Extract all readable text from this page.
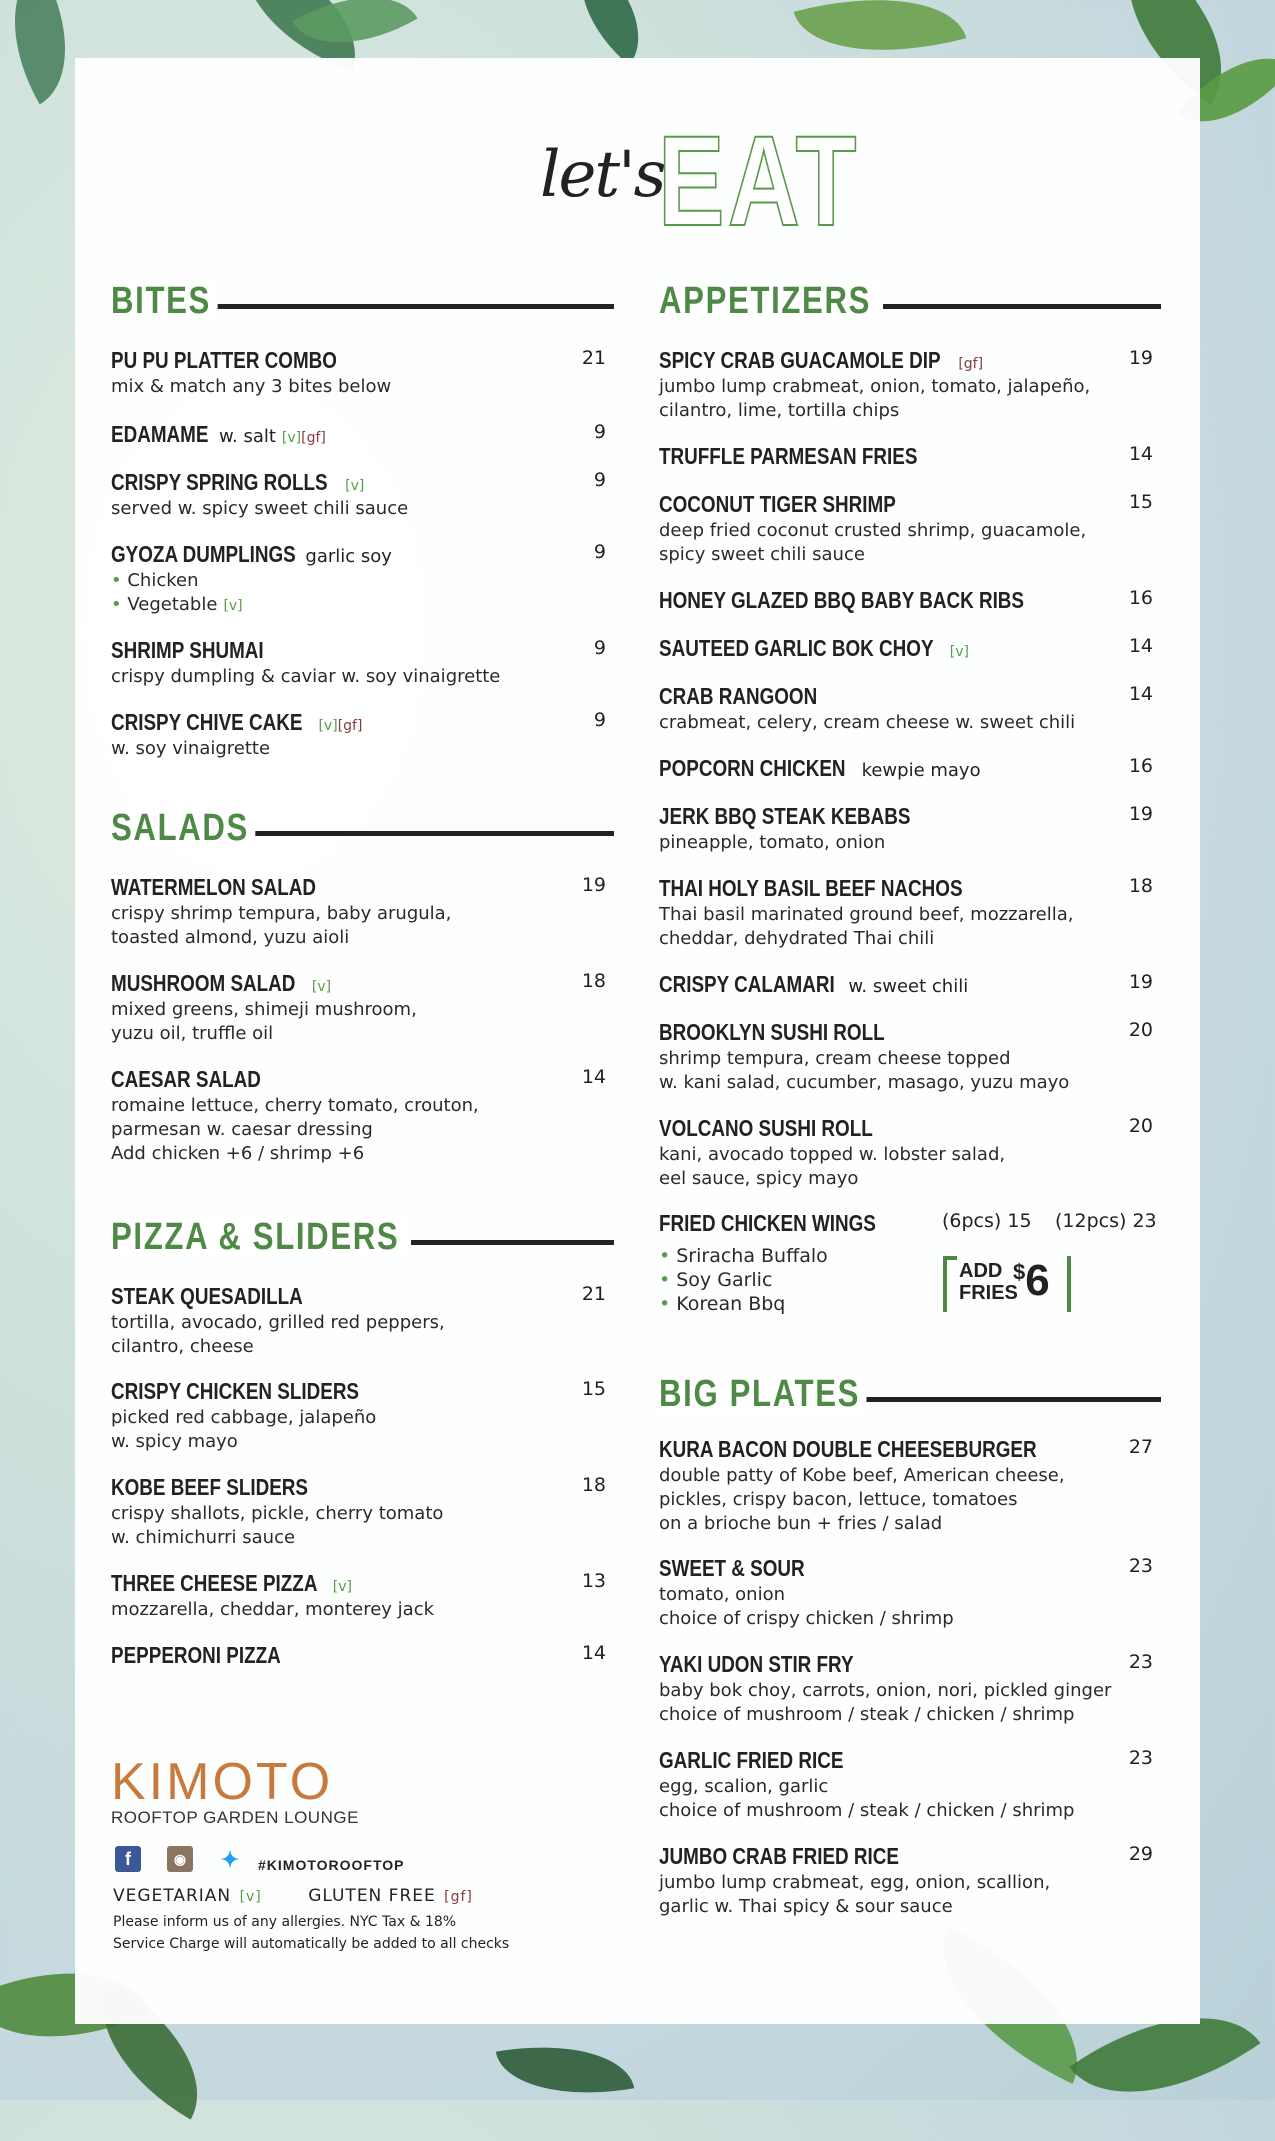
let's
EAT
BITES
PU PU PLATTER COMBO	21
mix & match any 3 bites below
EDAMAME w. salt [v][gf]	9
CRISPY SPRING ROLLS [v]	9
served w. spicy sweet chili sauce
GYOZA DUMPLINGS garlic soy	9
• Chicken
• Vegetable [v]
SHRIMP SHUMAI	9
crispy dumpling & caviar w. soy vinaigrette
CRISPY CHIVE CAKE [v][gf]	9
w. soy vinaigrette
SALADS
WATERMELON SALAD	19
crispy shrimp tempura, baby arugula,
toasted almond, yuzu aioli
MUSHROOM SALAD [v]	18
mixed greens, shimeji mushroom,
yuzu oil, truffle oil
CAESAR SALAD	14
romaine lettuce, cherry tomato, crouton,
parmesan w. caesar dressing
Add chicken +6 / shrimp +6
PIZZA & SLIDERS
STEAK QUESADILLA	21
tortilla, avocado, grilled red peppers,
cilantro, cheese
CRISPY CHICKEN SLIDERS	15
picked red cabbage, jalapeño
w. spicy mayo
KOBE BEEF SLIDERS	18
crispy shallots, pickle, cherry tomato
w. chimichurri sauce
THREE CHEESE PIZZA [v]	13
mozzarella, cheddar, monterey jack
PEPPERONI PIZZA	14
APPETIZERS
SPICY CRAB GUACAMOLE DIP [gf]	19
jumbo lump crabmeat, onion, tomato, jalapeño,
cilantro, lime, tortilla chips
TRUFFLE PARMESAN FRIES	14
COCONUT TIGER SHRIMP	15
deep fried coconut crusted shrimp, guacamole,
spicy sweet chili sauce
HONEY GLAZED BBQ BABY BACK RIBS	16
SAUTEED GARLIC BOK CHOY [v]	14
CRAB RANGOON	14
crabmeat, celery, cream cheese w. sweet chili
POPCORN CHICKEN kewpie mayo	16
JERK BBQ STEAK KEBABS	19
pineapple, tomato, onion
THAI HOLY BASIL BEEF NACHOS	18
Thai basil marinated ground beef, mozzarella,
cheddar, dehydrated Thai chili
CRISPY CALAMARI w. sweet chili	19
BROOKLYN SUSHI ROLL	20
shrimp tempura, cream cheese topped
w. kani salad, cucumber, masago, yuzu mayo
VOLCANO SUSHI ROLL	20
kani, avocado topped w. lobster salad,
eel sauce, spicy mayo
FRIED CHICKEN WINGS	(6pcs) 15 (12pcs) 23
• Sriracha Buffalo
• Soy Garlic
• Korean Bbq
BIG PLATES
KURA BACON DOUBLE CHEESEBURGER	27
double patty of Kobe beef, American cheese,
pickles, crispy bacon, lettuce, tomatoes
on a brioche bun + fries / salad
SWEET & SOUR	23
tomato, onion
choice of crispy chicken / shrimp
YAKI UDON STIR FRY	23
baby bok choy, carrots, onion, nori, pickled ginger
choice of mushroom / steak / chicken / shrimp
GARLIC FRIED RICE	23
egg, scalion, garlic
choice of mushroom / steak / chicken / shrimp
JUMBO CRAB FRIED RICE	29
jumbo lump crabmeat, egg, onion, scallion,
garlic w. Thai spicy & sour sauce
ADD
FRIES
$6
KIMOTO
ROOFTOP GARDEN LOUNGE
f	◉	✦ #KIMOTOROOFTOP
VEGETARIAN [v]	GLUTEN FREE [gf]
Please inform us of any allergies. NYC Tax & 18%
Service Charge will automatically be added to all checks
